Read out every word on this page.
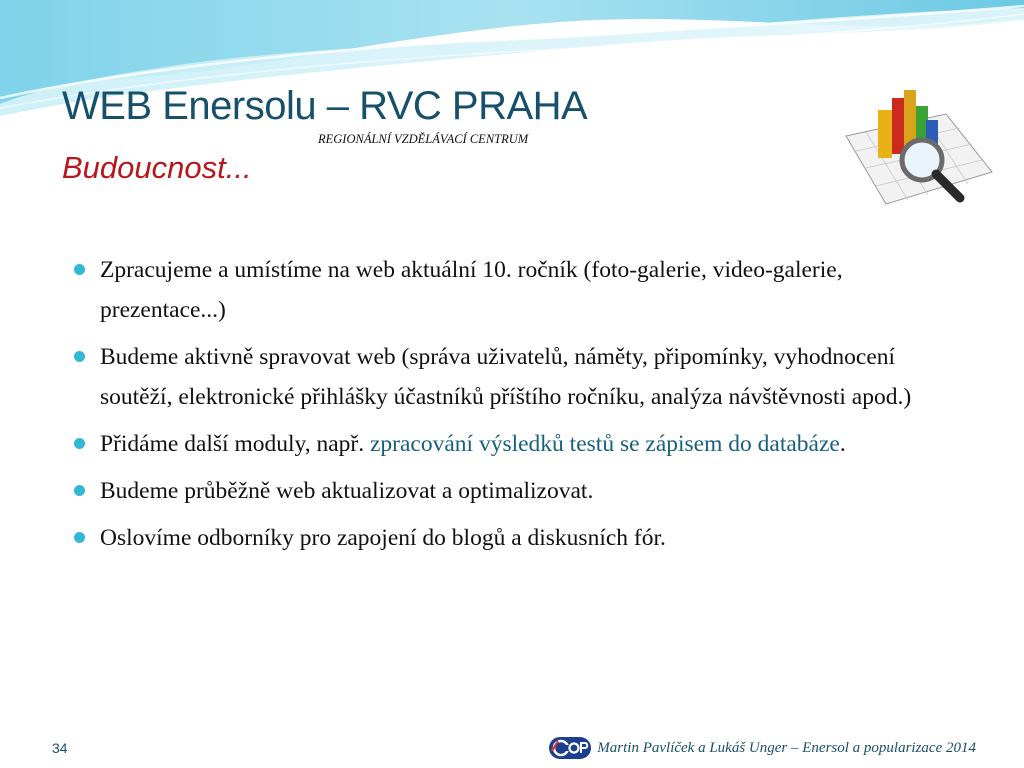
WEB Enersolu – RVC PRAHA
REGIONÁLNÍ VZDĚLÁVACÍ CENTRUM
Budoucnost...
Zpracujeme a umístíme na web aktuální 10. ročník (foto-galerie, video-galerie, prezentace...)
Budeme aktivně spravovat web (správa uživatelů, náměty, připomínky, vyhodnocení soutěží, elektronické přihlášky účastníků příštího ročníku, analýza návštěvnosti apod.)
Přidáme další moduly, např. zpracování výsledků testů se zápisem do databáze.
Budeme průběžně web aktualizovat a optimalizovat.
Oslovíme odborníky pro zapojení do blogů a diskusních fór.
34	Martin Pavlíček a Lukáš Unger – Enersol a popularizace 2014
